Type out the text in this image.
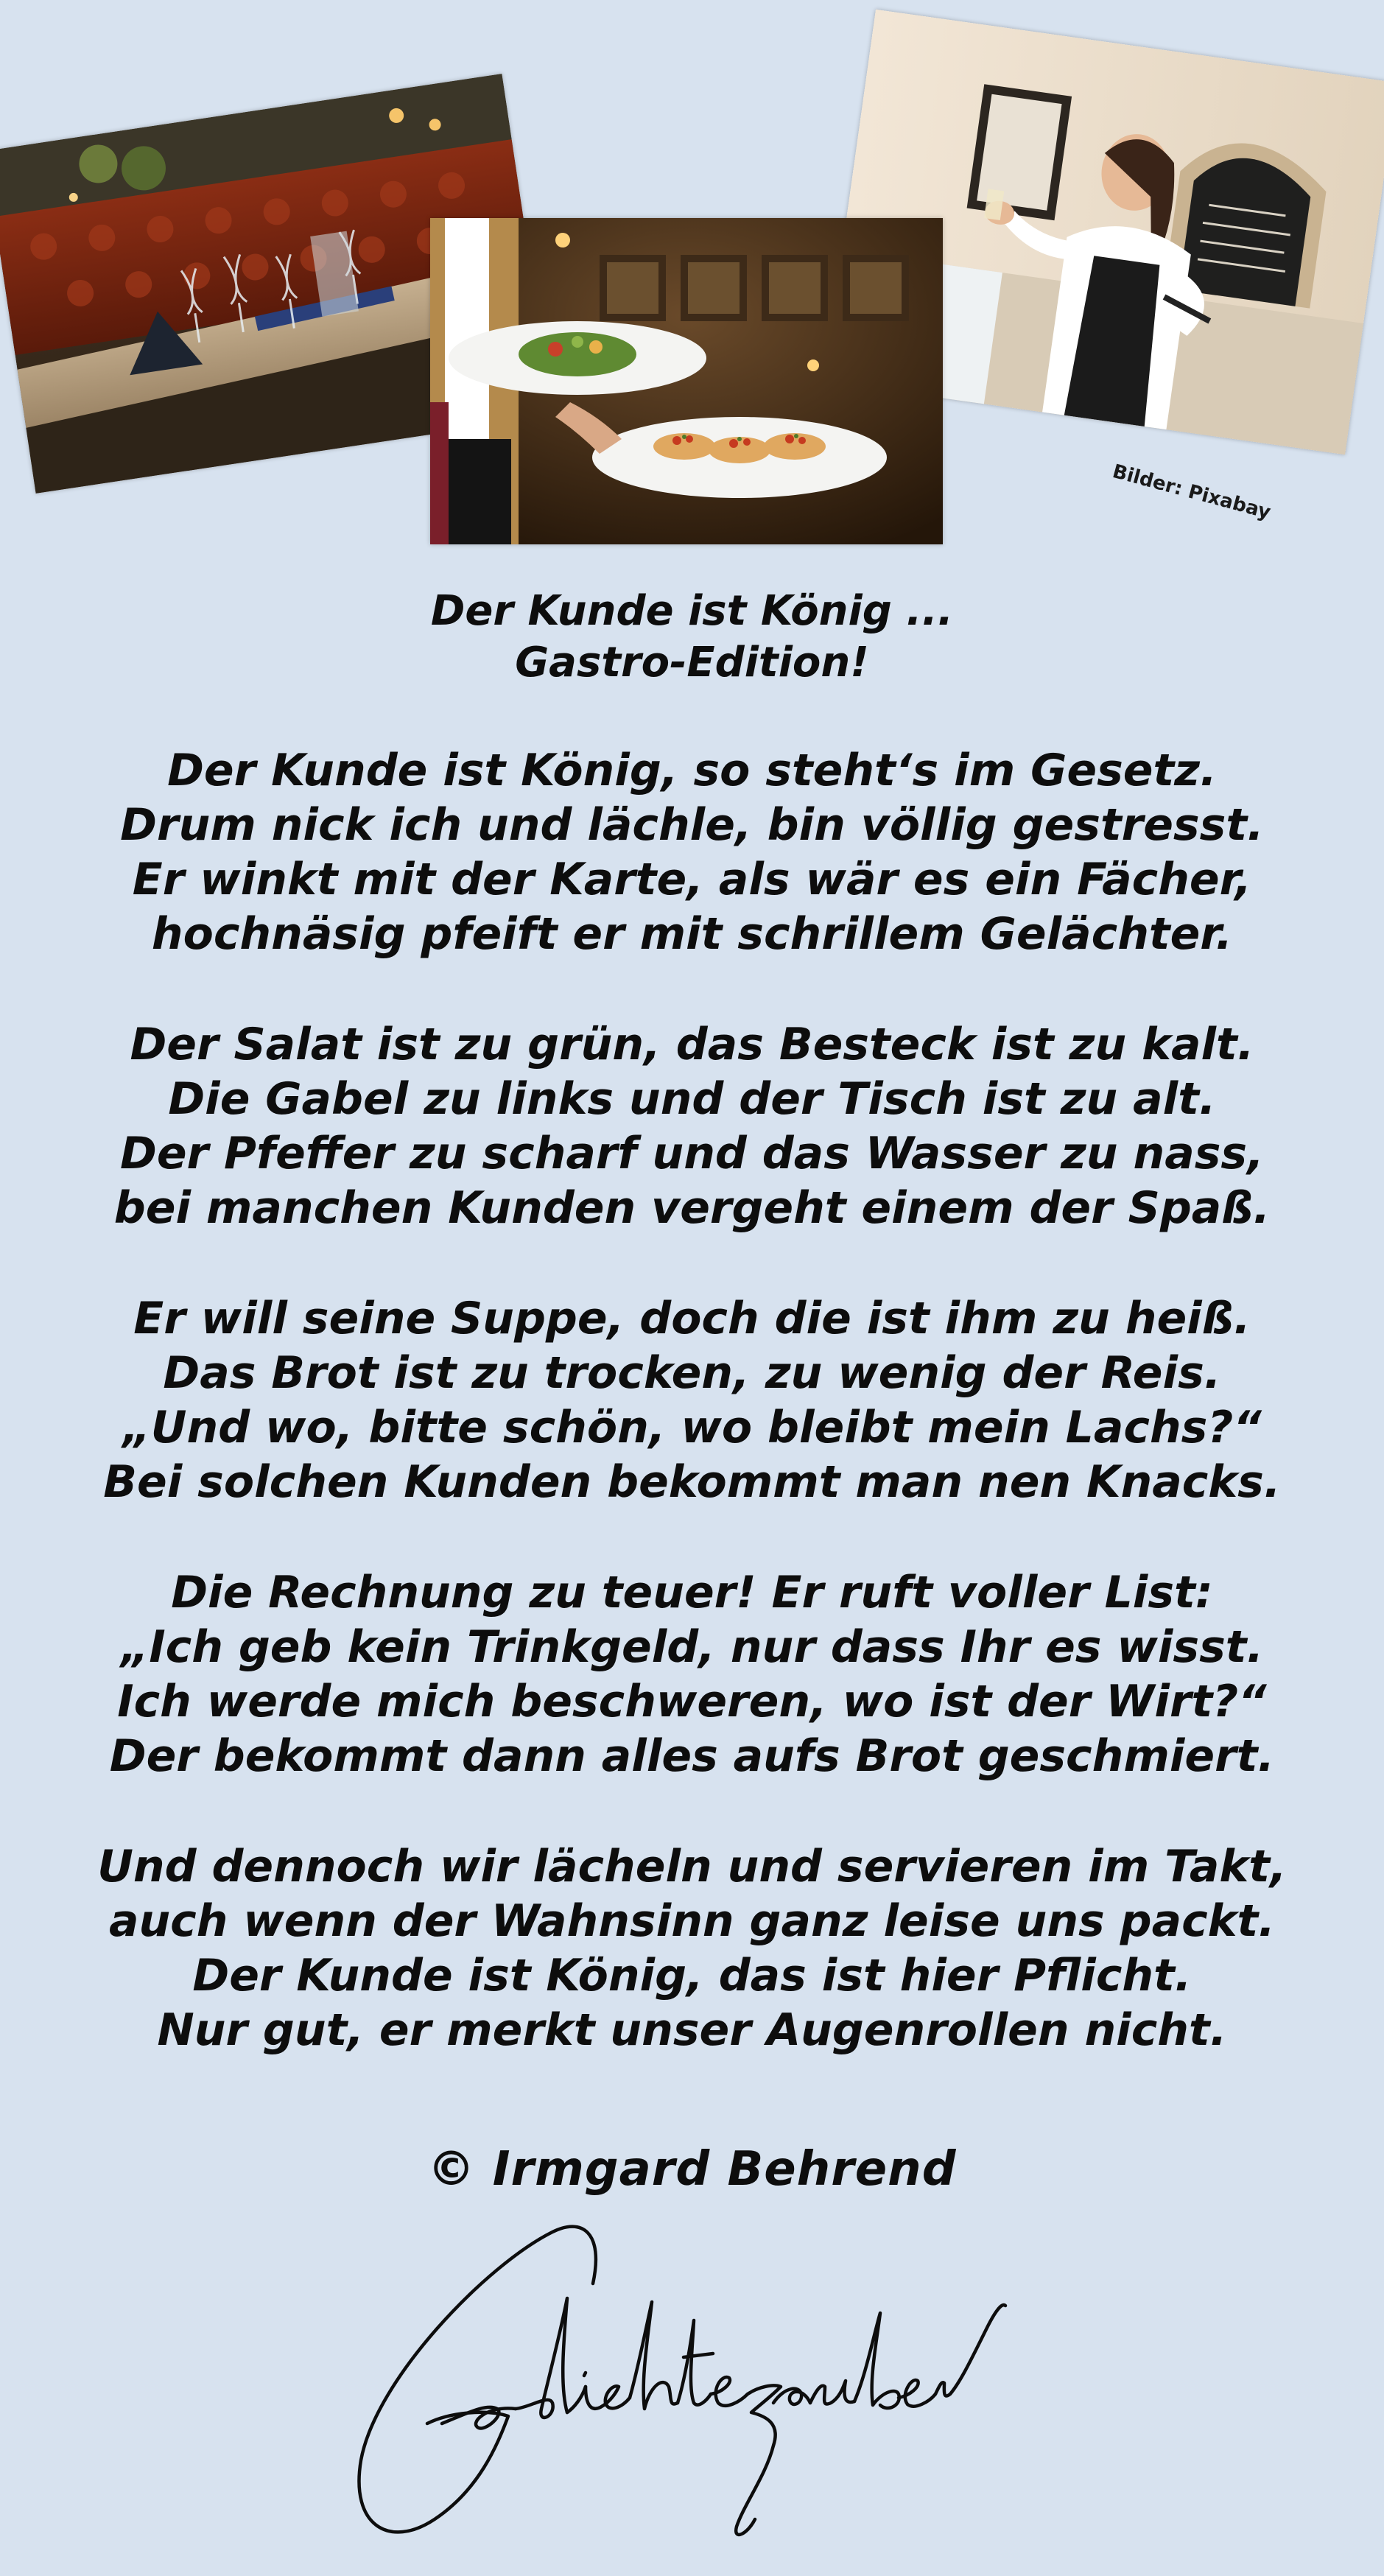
Bilder: Pixabay
Der Kunde ist König ...
Gastro-Edition!
Der Kunde ist König, so steht‘s im Gesetz.
Drum nick ich und lächle, bin völlig gestresst.
Er winkt mit der Karte, als wär es ein Fächer,
hochnäsig pfeift er mit schrillem Gelächter.
Der Salat ist zu grün, das Besteck ist zu kalt.
Die Gabel zu links und der Tisch ist zu alt.
Der Pfeffer zu scharf und das Wasser zu nass,
bei manchen Kunden vergeht einem der Spaß.
Er will seine Suppe, doch die ist ihm zu heiß.
Das Brot ist zu trocken, zu wenig der Reis.
„Und wo, bitte schön, wo bleibt mein Lachs?“
Bei solchen Kunden bekommt man nen Knacks.
Die Rechnung zu teuer! Er ruft voller List:
„Ich geb kein Trinkgeld, nur dass Ihr es wisst.
Ich werde mich beschweren, wo ist der Wirt?“
Der bekommt dann alles aufs Brot geschmiert.
Und dennoch wir lächeln und servieren im Takt,
auch wenn der Wahnsinn ganz leise uns packt.
Der Kunde ist König, das ist hier Pflicht.
Nur gut, er merkt unser Augenrollen nicht.
© Irmgard Behrend
